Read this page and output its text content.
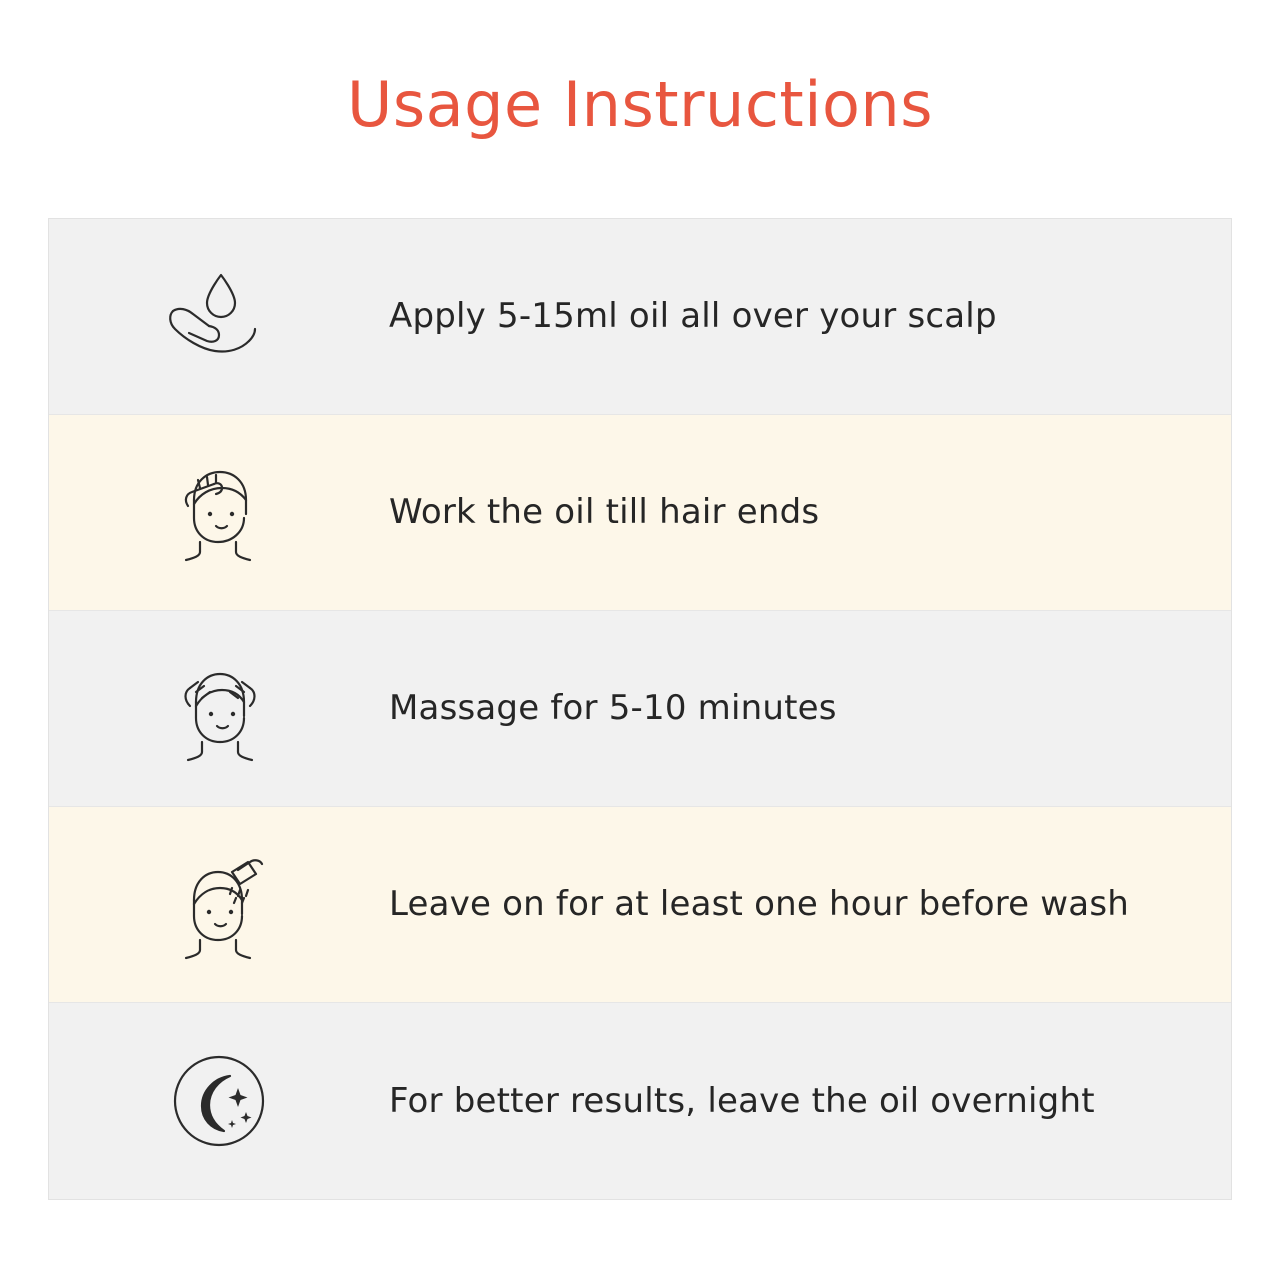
Usage Instructions
Apply 5-15ml oil all over your scalp
Work the oil till hair ends
Massage for 5-10 minutes
Leave on for at least one hour before wash
For better results, leave the oil overnight
